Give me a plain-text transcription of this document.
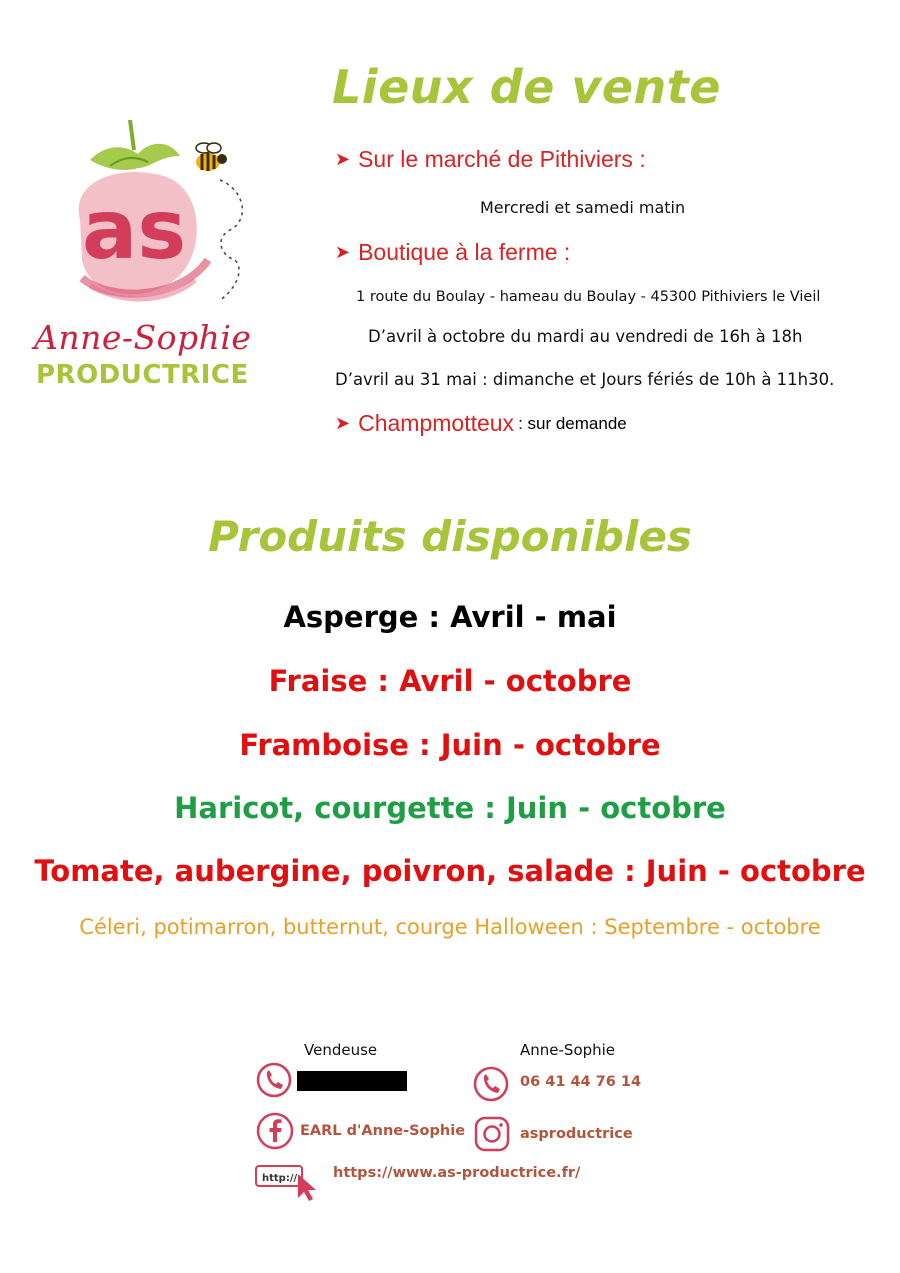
as
Anne-Sophie
PRODUCTRICE
Lieux de vente
➤ Sur le marché de Pithiviers :
Mercredi et samedi matin
➤ Boutique à la ferme :
1 route du Boulay - hameau du Boulay - 45300 Pithiviers le Vieil
D’avril à octobre du mardi au vendredi de 16h à 18h
D’avril au 31 mai : dimanche et Jours fériés de 10h à 11h30.
➤ Champmotteux : sur demande
Produits disponibles
Asperge : Avril - mai
Fraise : Avril - octobre
Framboise : Juin - octobre
Haricot, courgette : Juin - octobre
Tomate, aubergine, poivron, salade : Juin - octobre
Céleri, potimarron, butternut, courge Halloween : Septembre - octobre
Vendeuse	Anne-Sophie
06 41 44 76 14
EARL d'Anne-Sophie	asproductrice
http:// https://www.as-productrice.fr/
